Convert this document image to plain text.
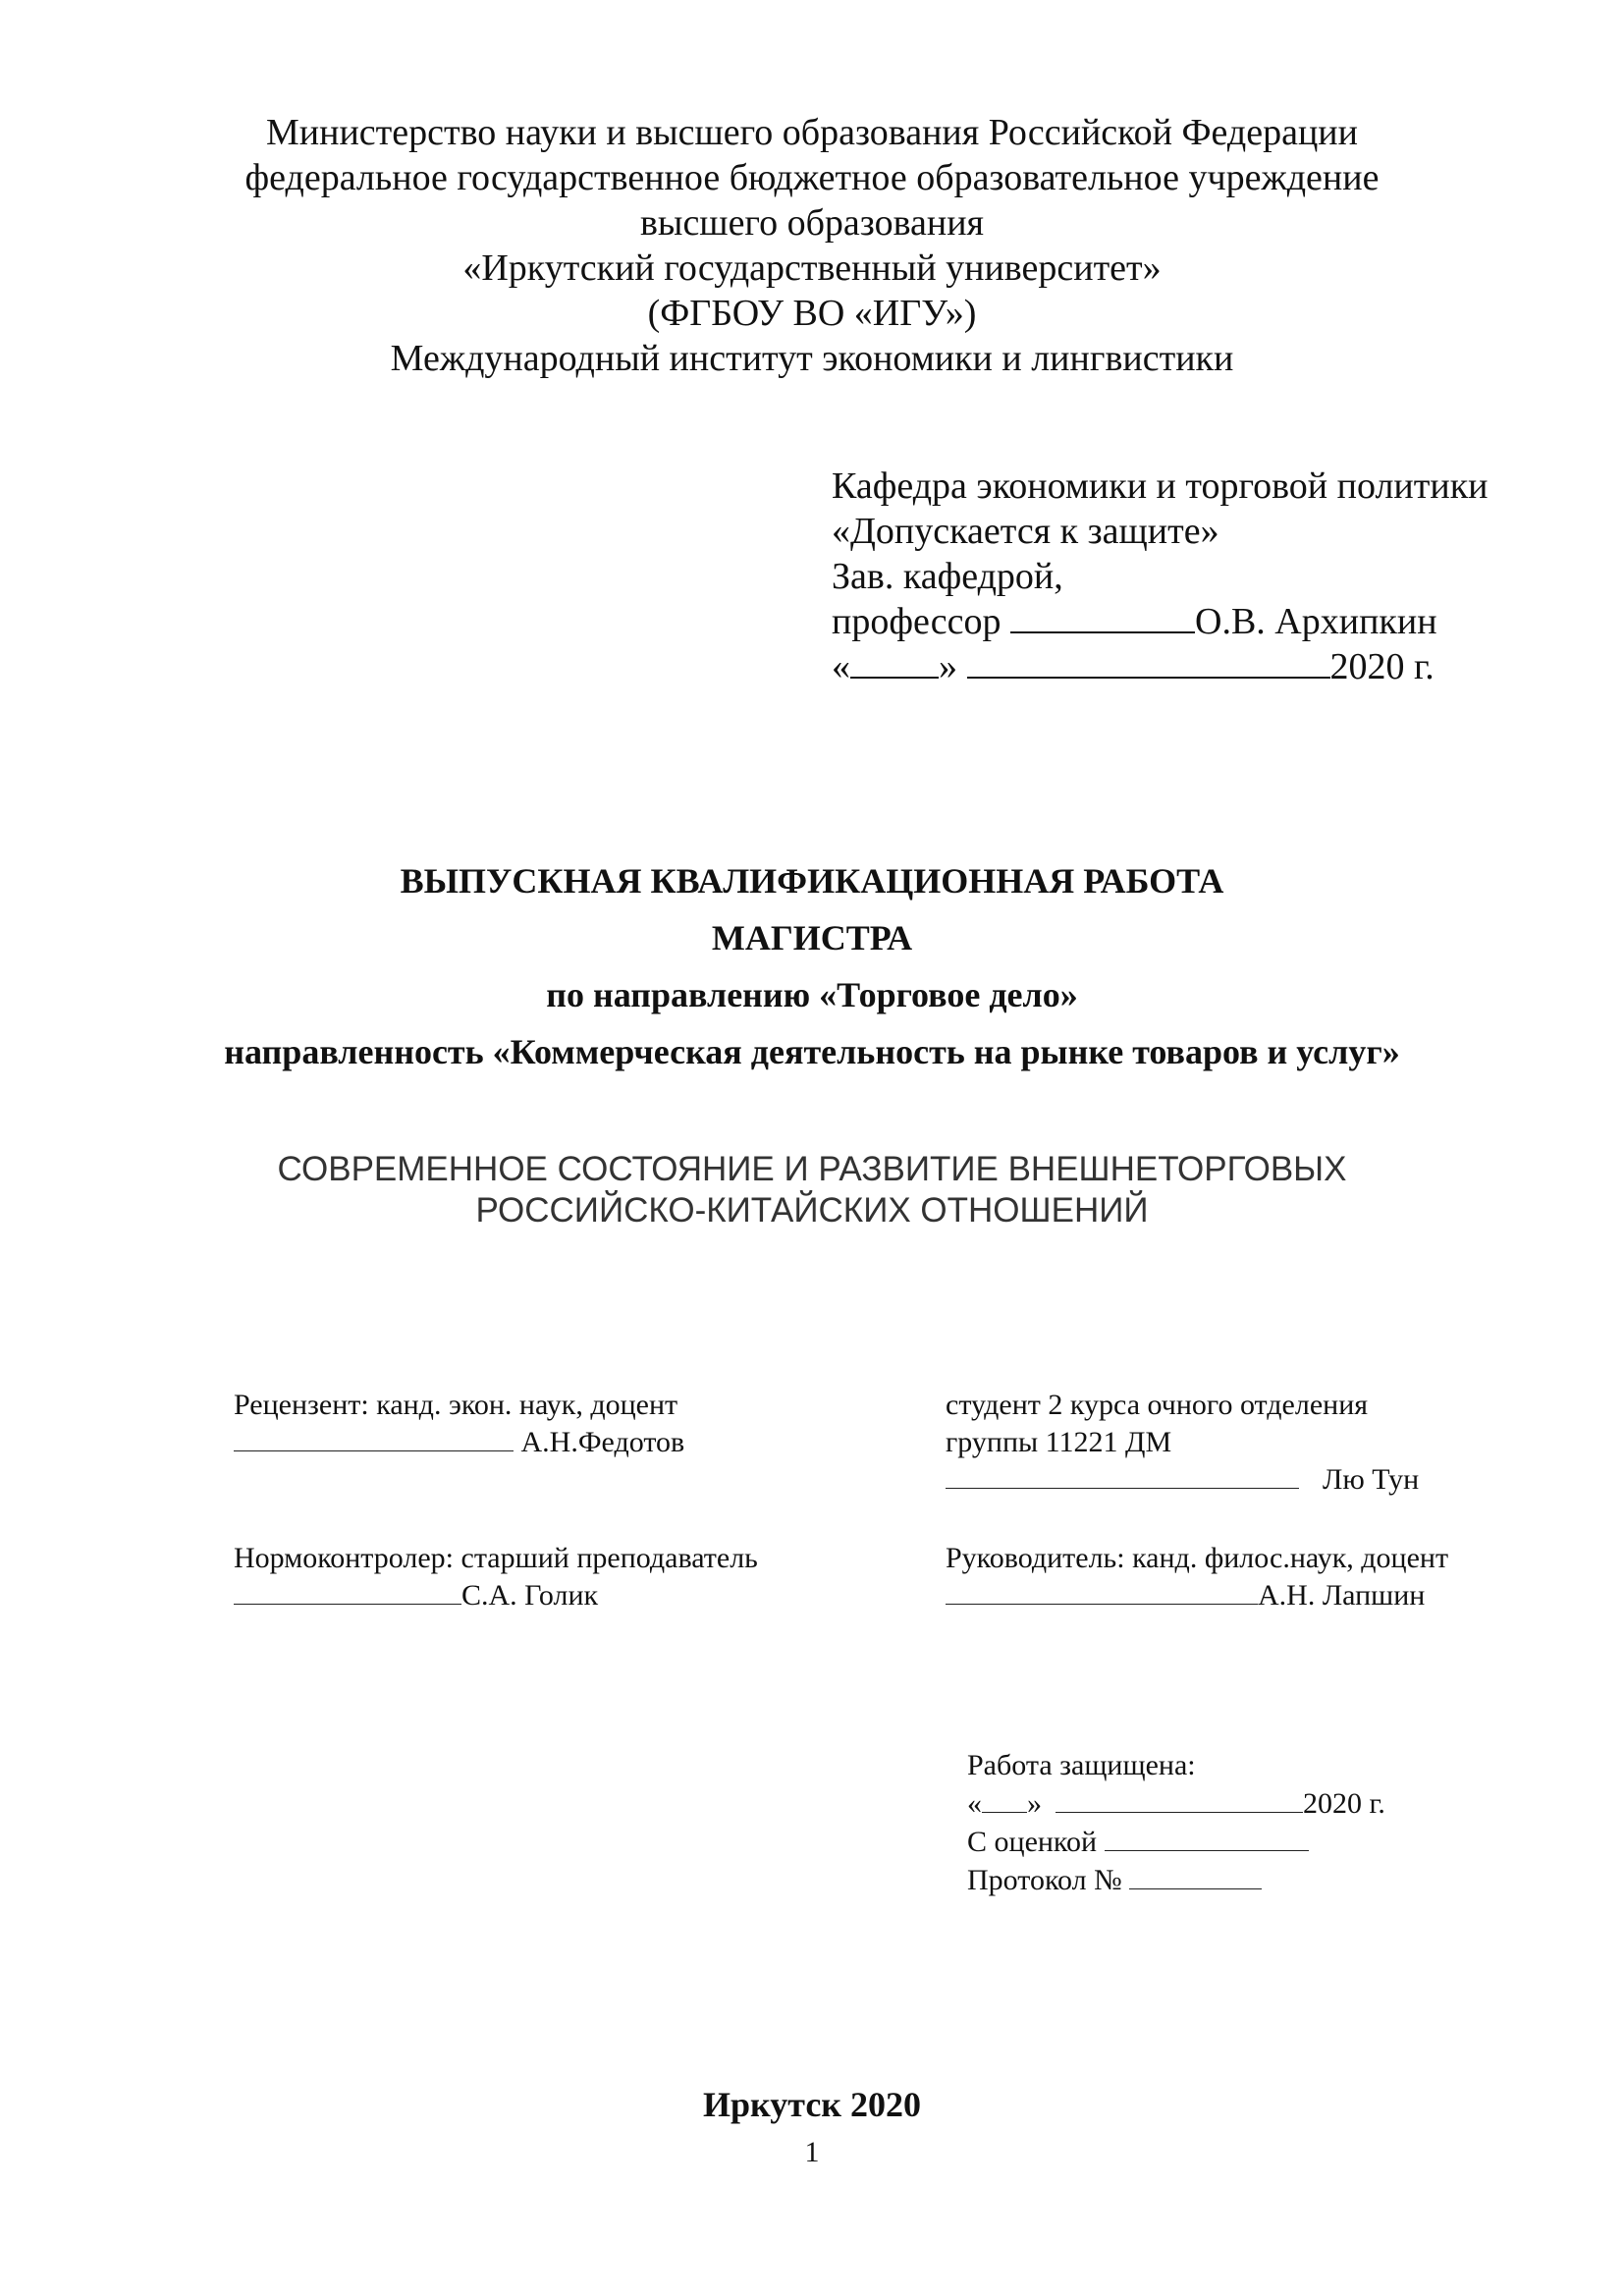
Министерство науки и высшего образования Российской Федерации
федеральное государственное бюджетное образовательное учреждение
высшего образования
«Иркутский государственный университет»
(ФГБОУ ВО «ИГУ»)
Международный институт экономики и лингвистики
Кафедра экономики и торговой политики
«Допускается к защите»
Зав. кафедрой,
профессор	О.В. Архипкин
« »	2020 г.
ВЫПУСКНАЯ КВАЛИФИКАЦИОННАЯ РАБОТА
МАГИСТРА
по направлению «Торговое дело»
направленность «Коммерческая деятельность на рынке товаров и услуг»
СОВРЕМЕННОЕ СОСТОЯНИЕ И РАЗВИТИЕ ВНЕШНЕТОРГОВЫХ
РОССИЙСКО-КИТАЙСКИХ ОТНОШЕНИЙ
Рецензент: канд. экон. наук, доцент
А.Н.Федотов
студент 2 курса очного отделения
группы 11221 ДМ
Лю Тун
Нормоконтролер: старший преподаватель
С.А. Голик
Руководитель: канд. филос.наук, доцент
А.Н. Лапшин
Работа защищена:
« »	2020 г.
С оценкой
Протокол №
Иркутск 2020
1
